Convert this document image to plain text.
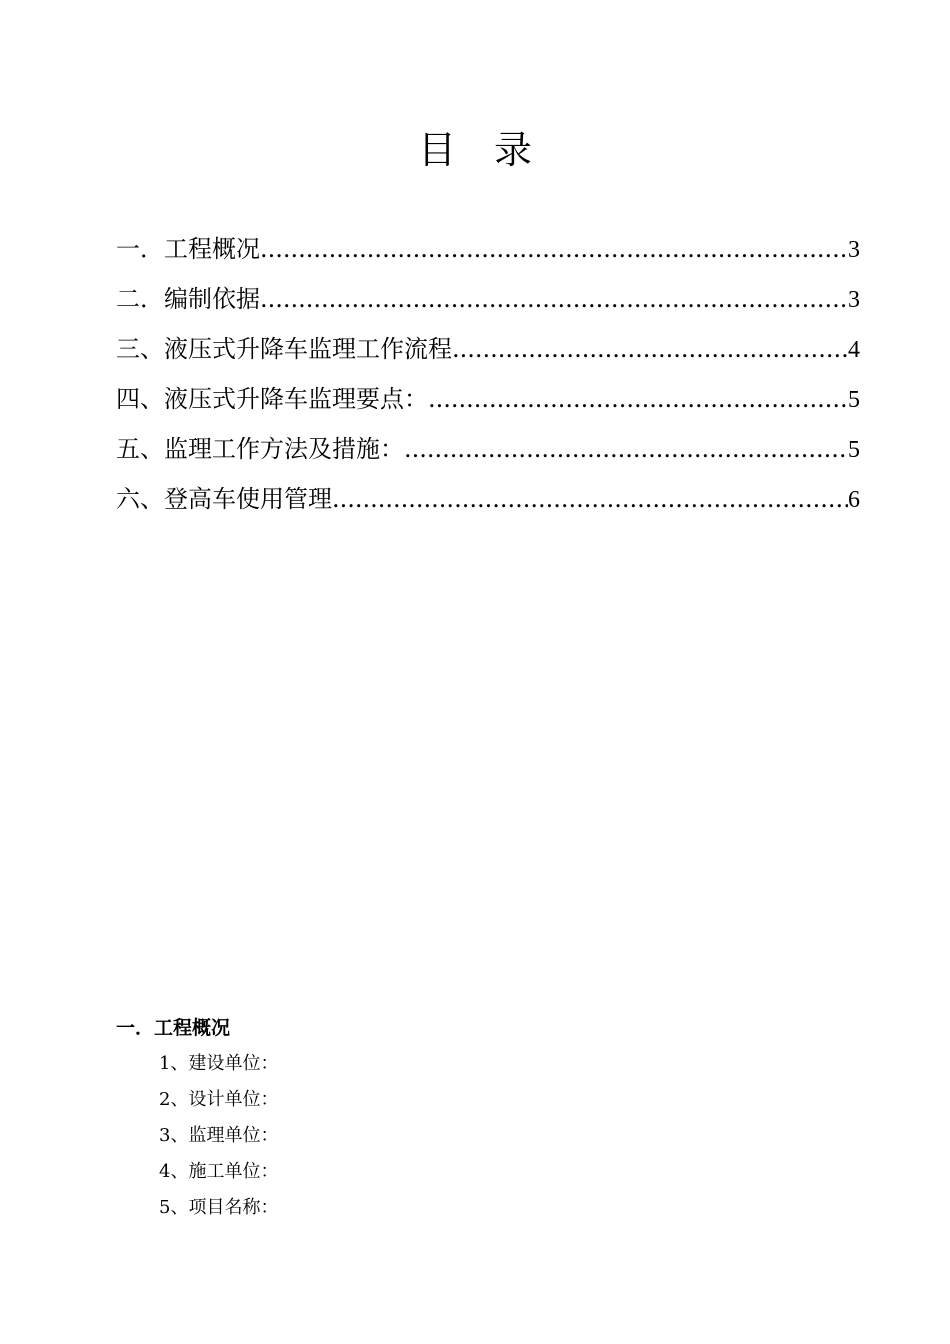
目录
一．工程概况 .....	3
二．编制依据 .....	3
三、液压式升降车监理工作流程 .....	4
四、液压式升降车监理要点： .....	5
五、监理工作方法及措施： .....	5
六、登高车使用管理 .....	6
一．工程概况
1、建设单位：
2、设计单位：
3、监理单位：
4、施工单位：
5、项目名称：
